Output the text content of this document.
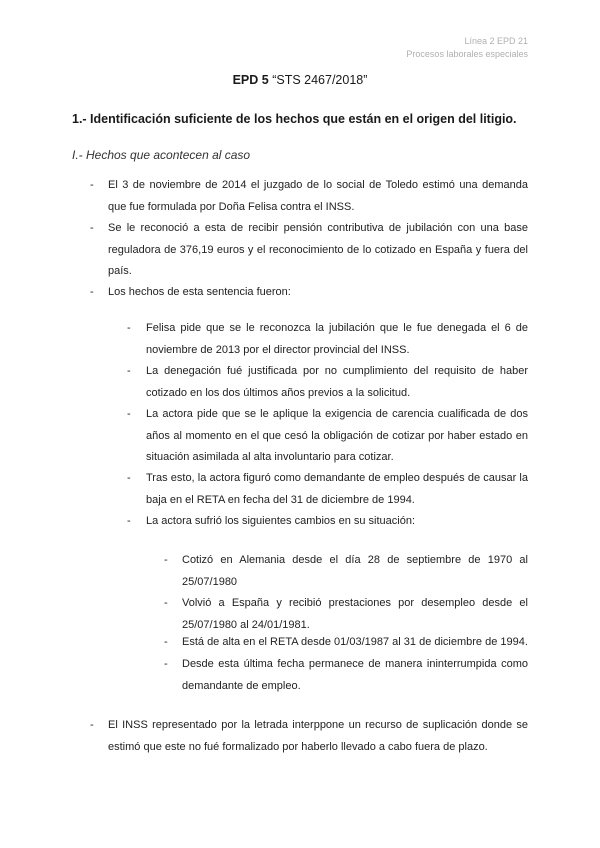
Línea 2 EPD 21
Procesos laborales especiales
EPD 5 “STS 2467/2018”
1.- Identificación suficiente de los hechos que están en el origen del litigio.
I.- Hechos que acontecen al caso
- El 3 de noviembre de 2014 el juzgado de lo social de Toledo estimó una demanda que fue formulada por Doña Felisa contra el INSS.

- Se le reconoció a esta de recibir pensión contributiva de jubilación con una base reguladora de 376,19 euros y el reconocimiento de lo cotizado en España y fuera del país.

- Los hechos de esta sentencia fueron:

- Felisa pide que se le reconozca la jubilación que le fue denegada el 6 de noviembre de 2013 por el director provincial del INSS.

- La denegación fué justificada por no cumplimiento del requisito de haber cotizado en los dos últimos años previos a la solicitud.

- La actora pide que se le aplique la exigencia de carencia cualificada de dos años al momento en el que cesó la obligación de cotizar por haber estado en situación asimilada al alta involuntario para cotizar.

- Tras esto, la actora figuró como demandante de empleo después de causar la baja en el RETA en fecha del 31 de diciembre de 1994.

- La actora sufrió los siguientes cambios en su situación:

- Cotizó en Alemania desde el día 28 de septiembre de 1970 al 25/07/1980

- Volvió a España y recibió prestaciones por desempleo desde el 25/07/1980 al 24/01/1981.

- Está de alta en el RETA desde 01/03/1987 al 31 de diciembre de 1994.

- Desde esta última fecha permanece de manera ininterrumpida como demandante de empleo.

- El INSS representado por la letrada interppone un recurso de suplicación donde se estimó que este no fué formalizado por haberlo llevado a cabo fuera de plazo.
